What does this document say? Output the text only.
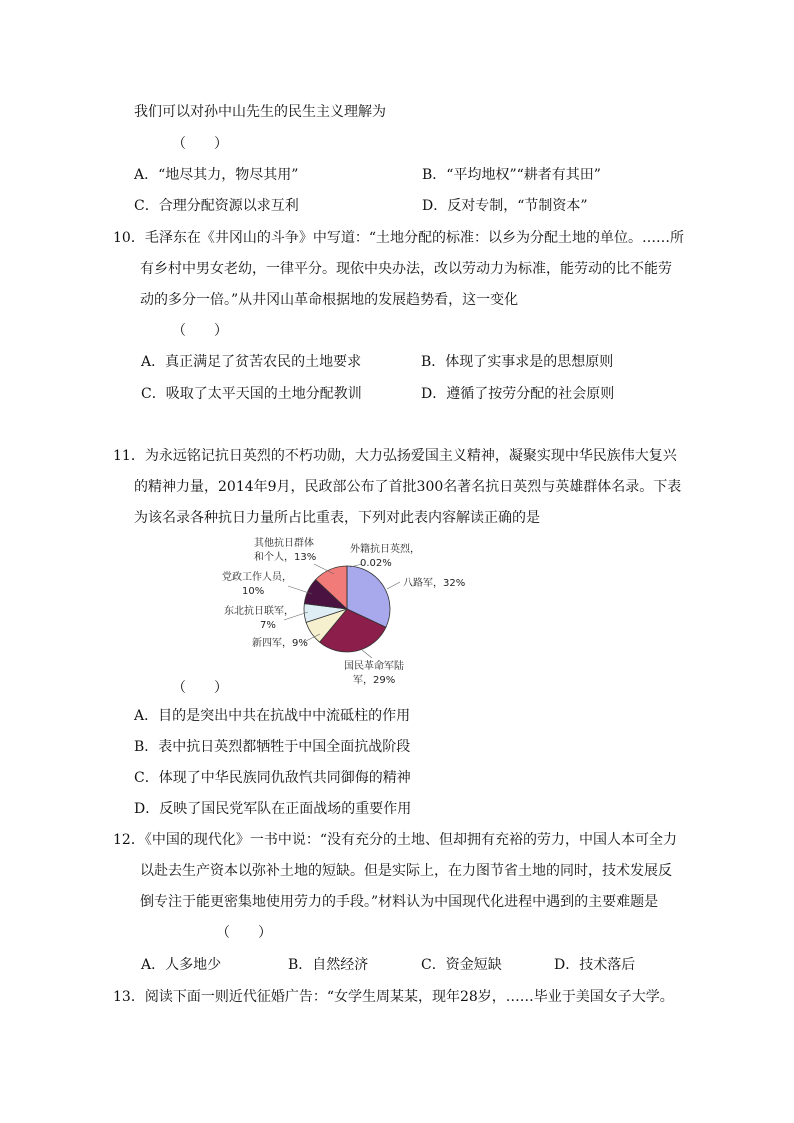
我们可以对孙中山先生的民生主义理解为
（　　）
A．“地尽其力，物尽其用”	B．“平均地权”“耕者有其田”
C．合理分配资源以求互利	D．反对专制，“节制资本”
10．毛泽东在《井冈山的斗争》中写道：“土地分配的标准：以乡为分配土地的单位。……所
有乡村中男女老幼，一律平分。现依中央办法，改以劳动力为标准，能劳动的比不能劳
动的多分一倍。”从井冈山革命根据地的发展趋势看，这一变化
（　　）
A．真正满足了贫苦农民的土地要求	B．体现了实事求是的思想原则
C．吸取了太平天国的土地分配教训	D．遵循了按劳分配的社会原则
11．为永远铭记抗日英烈的不朽功勋，大力弘扬爱国主义精神，凝聚实现中华民族伟大复兴
的精神力量，2014年9月，民政部公布了首批300名著名抗日英烈与英雄群体名录。下表
为该名录各种抗日力量所占比重表，下列对此表内容解读正确的是
其他抗日群体
和个人，13%
外籍抗日英烈，
0.02%
八路军，32%
党政工作人员，
10%
东北抗日联军，
7%
新四军，9%
国民革命军陆
军，29%
（　　）
A．目的是突出中共在抗战中中流砥柱的作用
B．表中抗日英烈都牺牲于中国全面抗战阶段
C．体现了中华民族同仇敌忾共同御侮的精神
D．反映了国民党军队在正面战场的重要作用
12．《中国的现代化》一书中说：“没有充分的土地、但却拥有充裕的劳力，中国人本可全力
以赴去生产资本以弥补土地的短缺。但是实际上，在力图节省土地的同时，技术发展反
倒专注于能更密集地使用劳力的手段。”材料认为中国现代化进程中遇到的主要难题是
（　　）
A．人多地少	B．自然经济	C．资金短缺	D．技术落后
13．阅读下面一则近代征婚广告：“女学生周某某，现年28岁，……毕业于美国女子大学。
